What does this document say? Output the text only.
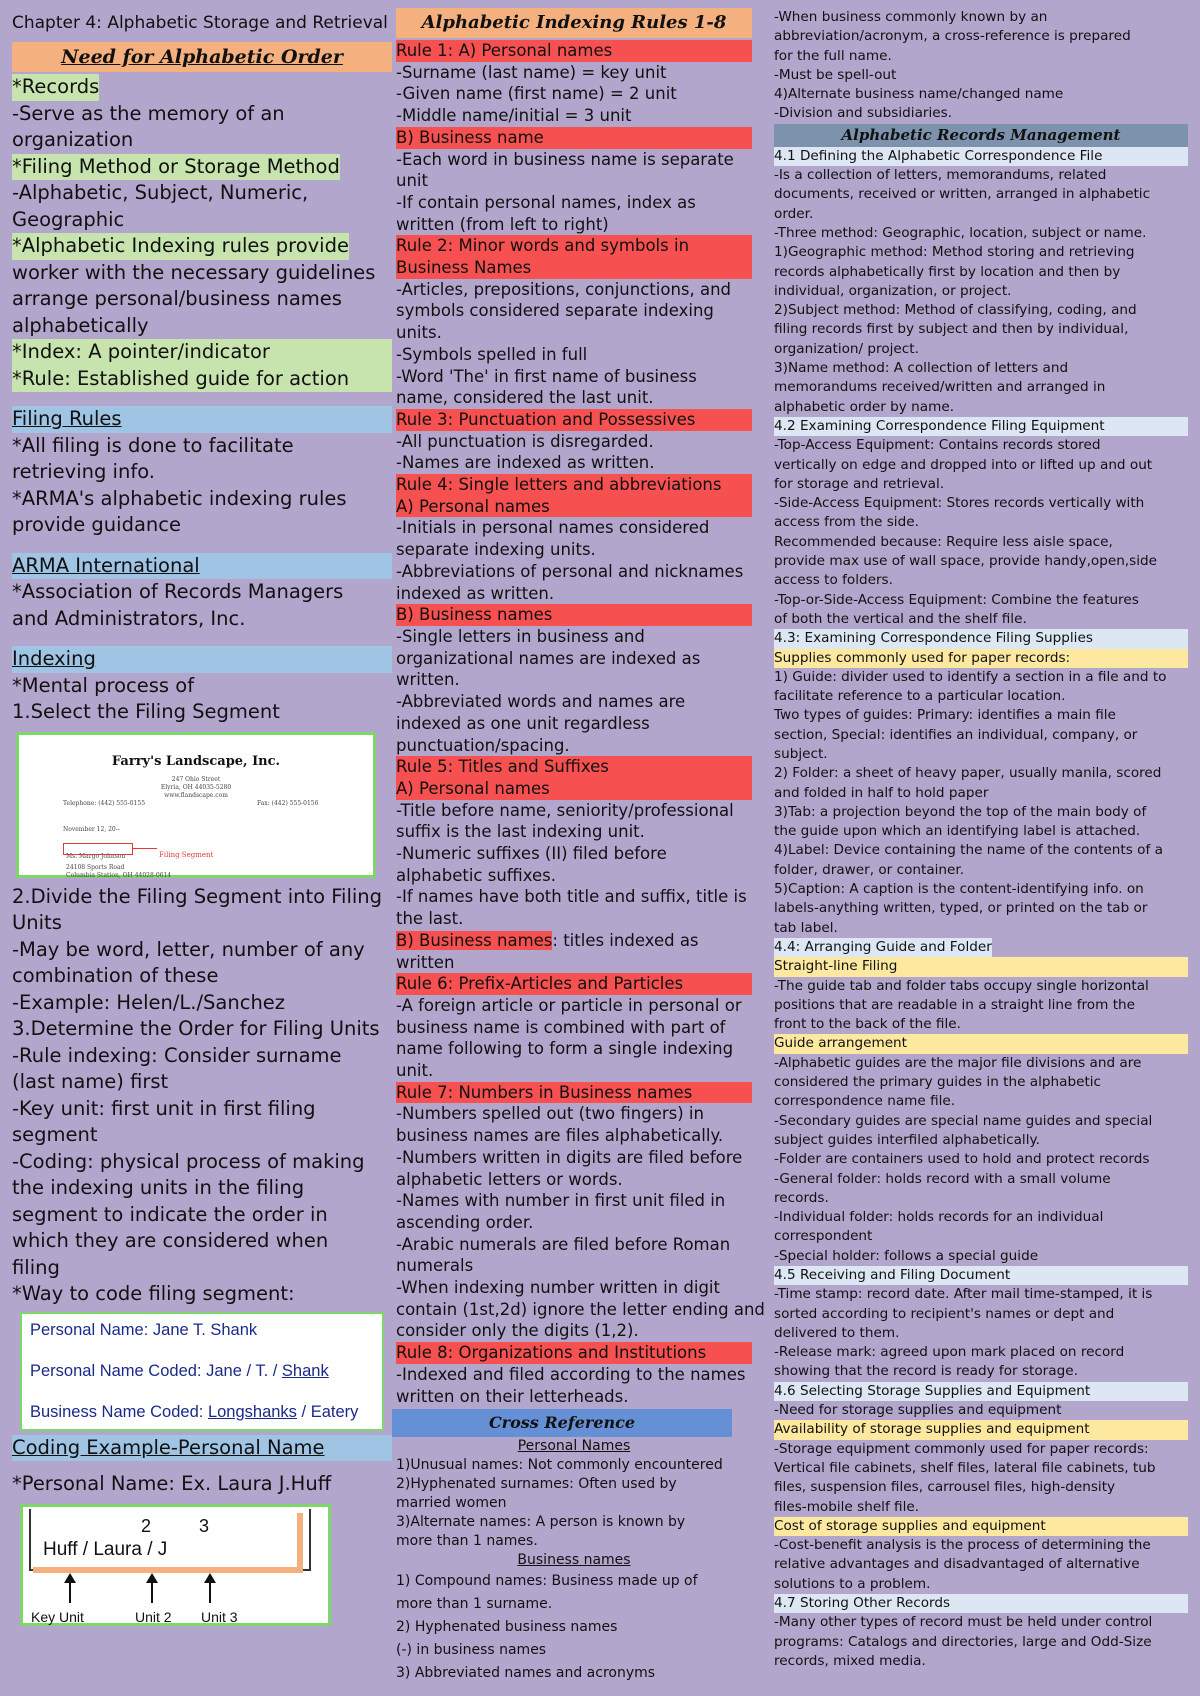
Chapter 4: Alphabetic Storage and Retrieval
Need for Alphabetic Order
*Records
-Serve as the memory of an
organization
*Filing Method or Storage Method
-Alphabetic, Subject, Numeric,
Geographic
*Alphabetic Indexing rules provide
worker with the necessary guidelines
arrange personal/business names
alphabetically
*Index: A pointer/indicator
*Rule: Established guide for action
Filing Rules
*All filing is done to facilitate
retrieving info.
*ARMA's alphabetic indexing rules
provide guidance
ARMA International
*Association of Records Managers
and Administrators, Inc.
Indexing
*Mental process of
1.Select the Filing Segment
Farry's Landscape, Inc.
247 Ohio Street
Elyria, OH 44035-5280
www.flandscape.com
Telephone: (442) 555-0155	Fax: (442) 555-0156
November 12, 20--
Ms. Margo Johnson
24108 Sports Road
Columbia Station, OH 44028-0614
Filing Segment
2.Divide the Filing Segment into Filing
Units
-May be word, letter, number of any
combination of these
-Example: Helen/L./Sanchez
3.Determine the Order for Filing Units
-Rule indexing: Consider surname
(last name) first
-Key unit: first unit in first filing
segment
-Coding: physical process of making
the indexing units in the filing
segment to indicate the order in
which they are considered when
filing
*Way to code filing segment:
Personal Name: Jane T. Shank
Personal Name Coded: Jane / T. / Shank
Business Name Coded: Longshanks / Eatery
Coding Example-Personal Name
*Personal Name: Ex. Laura J.Huff
2	3
Huff / Laura / J
Key Unit	Unit 2 Unit 3
Alphabetic Indexing Rules 1-8
Rule 1: A) Personal names
-Surname (last name) = key unit
-Given name (first name) = 2 unit
-Middle name/initial = 3 unit
B) Business name
-Each word in business name is separate
unit
-If contain personal names, index as
written (from left to right)
Rule 2: Minor words and symbols in
Business Names
-Articles, prepositions, conjunctions, and
symbols considered separate indexing
units.
-Symbols spelled in full
-Word 'The' in first name of business
name, considered the last unit.
Rule 3: Punctuation and Possessives
-All punctuation is disregarded.
-Names are indexed as written.
Rule 4: Single letters and abbreviations
A) Personal names
-Initials in personal names considered
separate indexing units.
-Abbreviations of personal and nicknames
indexed as written.
B) Business names
-Single letters in business and
organizational names are indexed as
written.
-Abbreviated words and names are
indexed as one unit regardless
punctuation/spacing.
Rule 5: Titles and Suffixes
A) Personal names
-Title before name, seniority/professional
suffix is the last indexing unit.
-Numeric suffixes (II) filed before
alphabetic suffixes.
-If names have both title and suffix, title is
the last.
B) Business names: titles indexed as
written
Rule 6: Prefix-Articles and Particles
-A foreign article or particle in personal or
business name is combined with part of
name following to form a single indexing
unit.
Rule 7: Numbers in Business names
-Numbers spelled out (two fingers) in
business names are files alphabetically.
-Numbers written in digits are filed before
alphabetic letters or words.
-Names with number in first unit filed in
ascending order.
-Arabic numerals are filed before Roman
numerals
-When indexing number written in digit
contain (1st,2d) ignore the letter ending and
consider only the digits (1,2).
Rule 8: Organizations and Institutions
-Indexed and filed according to the names
written on their letterheads.
Cross Reference
Personal Names
1)Unusual names: Not commonly encountered
2)Hyphenated surnames: Often used by
married women
3)Alternate names: A person is known by
more than 1 names.
Business names
1) Compound names: Business made up of
more than 1 surname.
2) Hyphenated business names
(-) in business names
3) Abbreviated names and acronyms
-When business commonly known by an
abbreviation/acronym, a cross-reference is prepared
for the full name.
-Must be spell-out
4)Alternate business name/changed name
-Division and subsidiaries.
Alphabetic Records Management
4.1 Defining the Alphabetic Correspondence File
-Is a collection of letters, memorandums, related
documents, received or written, arranged in alphabetic
order.
-Three method: Geographic, location, subject or name.
1)Geographic method: Method storing and retrieving
records alphabetically first by location and then by
individual, organization, or project.
2)Subject method: Method of classifying, coding, and
filing records first by subject and then by individual,
organization/ project.
3)Name method: A collection of letters and
memorandums received/written and arranged in
alphabetic order by name.
4.2 Examining Correspondence Filing Equipment
-Top-Access Equipment: Contains records stored
vertically on edge and dropped into or lifted up and out
for storage and retrieval.
-Side-Access Equipment: Stores records vertically with
access from the side.
Recommended because: Require less aisle space,
provide max use of wall space, provide handy,open,side
access to folders.
-Top-or-Side-Access Equipment: Combine the features
of both the vertical and the shelf file.
4.3: Examining Correspondence Filing Supplies
Supplies commonly used for paper records:
1) Guide: divider used to identify a section in a file and to
facilitate reference to a particular location.
Two types of guides: Primary: identifies a main file
section, Special: identifies an individual, company, or
subject.
2) Folder: a sheet of heavy paper, usually manila, scored
and folded in half to hold paper
3)Tab: a projection beyond the top of the main body of
the guide upon which an identifying label is attached.
4)Label: Device containing the name of the contents of a
folder, drawer, or container.
5)Caption: A caption is the content-identifying info. on
labels-anything written, typed, or printed on the tab or
tab label.
4.4: Arranging Guide and Folder
Straight-line Filing
-The guide tab and folder tabs occupy single horizontal
positions that are readable in a straight line from the
front to the back of the file.
Guide arrangement
-Alphabetic guides are the major file divisions and are
considered the primary guides in the alphabetic
correspondence name file.
-Secondary guides are special name guides and special
subject guides interfiled alphabetically.
-Folder are containers used to hold and protect records
-General folder: holds record with a small volume
records.
-Individual folder: holds records for an individual
correspondent
-Special holder: follows a special guide
4.5 Receiving and Filing Document
-Time stamp: record date. After mail time-stamped, it is
sorted according to recipient's names or dept and
delivered to them.
-Release mark: agreed upon mark placed on record
showing that the record is ready for storage.
4.6 Selecting Storage Supplies and Equipment
-Need for storage supplies and equipment
Availability of storage supplies and equipment
-Storage equipment commonly used for paper records:
Vertical file cabinets, shelf files, lateral file cabinets, tub
files, suspension files, carrousel files, high-density
files-mobile shelf file.
Cost of storage supplies and equipment
-Cost-benefit analysis is the process of determining the
relative advantages and disadvantaged of alternative
solutions to a problem.
4.7 Storing Other Records
-Many other types of record must be held under control
programs: Catalogs and directories, large and Odd-Size
records, mixed media.
